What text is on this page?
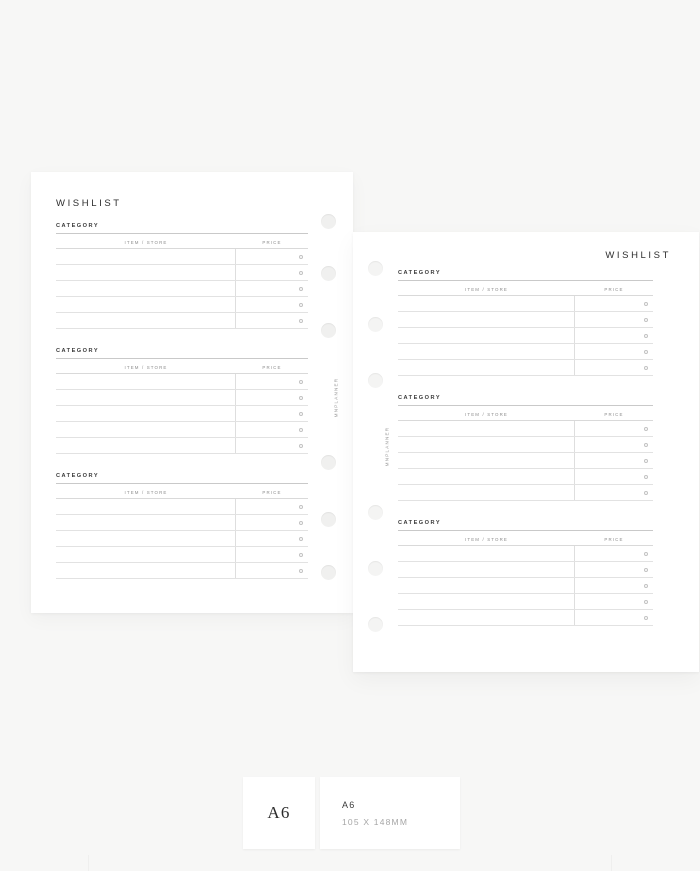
WISHLIST
CATEGORY
ITEM / STORE	PRICE
CATEGORY
ITEM / STORE	PRICE
CATEGORY
ITEM / STORE	PRICE
WISHLIST
CATEGORY
ITEM / STORE	PRICE
CATEGORY
ITEM / STORE	PRICE
CATEGORY
ITEM / STORE	PRICE
MNPLANNER
MNPLANNER
A6	A6
105 X 148MM
